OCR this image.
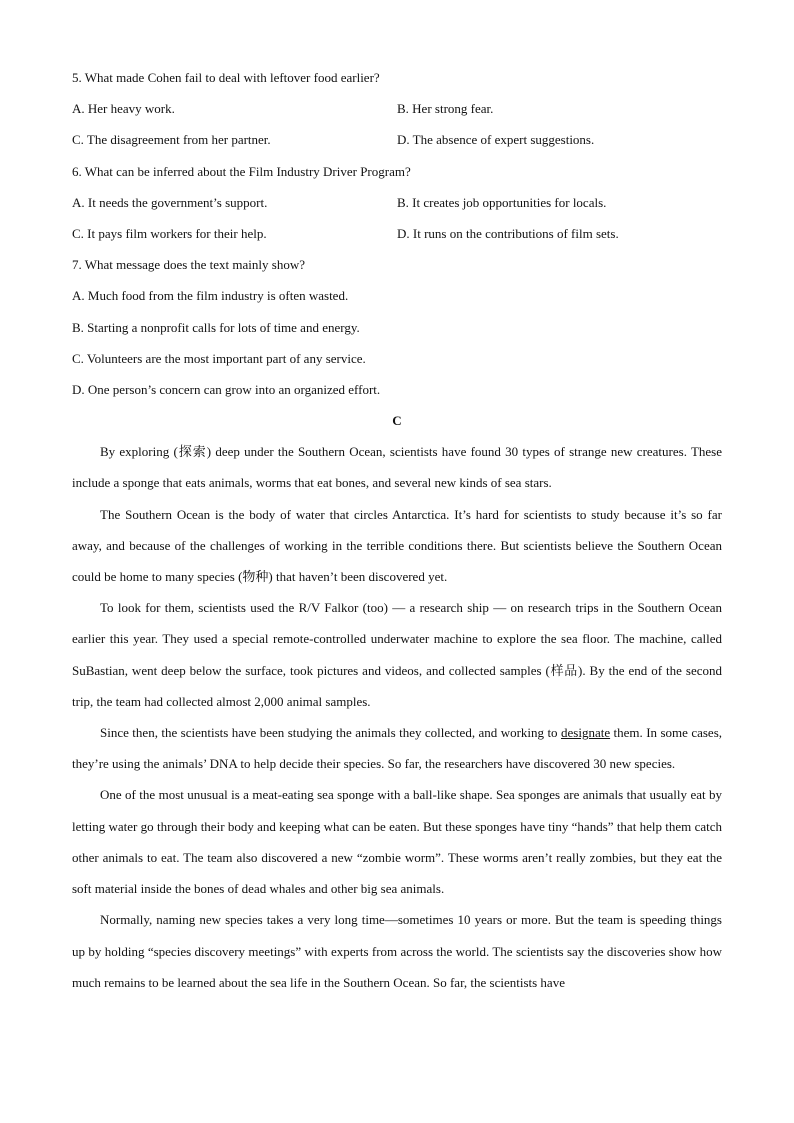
5. What made Cohen fail to deal with leftover food earlier?
A. Her heavy work.	B. Her strong fear.
C. The disagreement from her partner.	D. The absence of expert suggestions.
6. What can be inferred about the Film Industry Driver Program?
A. It needs the government’s support.	B. It creates job opportunities for locals.
C. It pays film workers for their help.	D. It runs on the contributions of film sets.
7. What message does the text mainly show?
A. Much food from the film industry is often wasted.
B. Starting a nonprofit calls for lots of time and energy.
C. Volunteers are the most important part of any service.
D. One person’s concern can grow into an organized effort.
C

By exploring (探索) deep under the Southern Ocean, scientists have found 30 types of strange new creatures. These include a sponge that eats animals, worms that eat bones, and several new kinds of sea stars.

The Southern Ocean is the body of water that circles Antarctica. It’s hard for scientists to study because it’s so far away, and because of the challenges of working in the terrible conditions there. But scientists believe the Southern Ocean could be home to many species (物种) that haven’t been discovered yet.

To look for them, scientists used the R/V Falkor (too) — a research ship — on research trips in the Southern Ocean earlier this year. They used a special remote-controlled underwater machine to explore the sea floor. The machine, called SuBastian, went deep below the surface, took pictures and videos, and collected samples (样品). By the end of the second trip, the team had collected almost 2,000 animal samples.

Since then, the scientists have been studying the animals they collected, and working to designate them. In some cases, they’re using the animals’ DNA to help decide their species. So far, the researchers have discovered 30 new species.

One of the most unusual is a meat-eating sea sponge with a ball-like shape. Sea sponges are animals that usually eat by letting water go through their body and keeping what can be eaten. But these sponges have tiny “hands” that help them catch other animals to eat. The team also discovered a new “zombie worm”. These worms aren’t really zombies, but they eat the soft material inside the bones of dead whales and other big sea animals.

Normally, naming new species takes a very long time—sometimes 10 years or more. But the team is speeding things up by holding “species discovery meetings” with experts from across the world. The scientists say the discoveries show how much remains to be learned about the sea life in the Southern Ocean. So far, the scientists have
